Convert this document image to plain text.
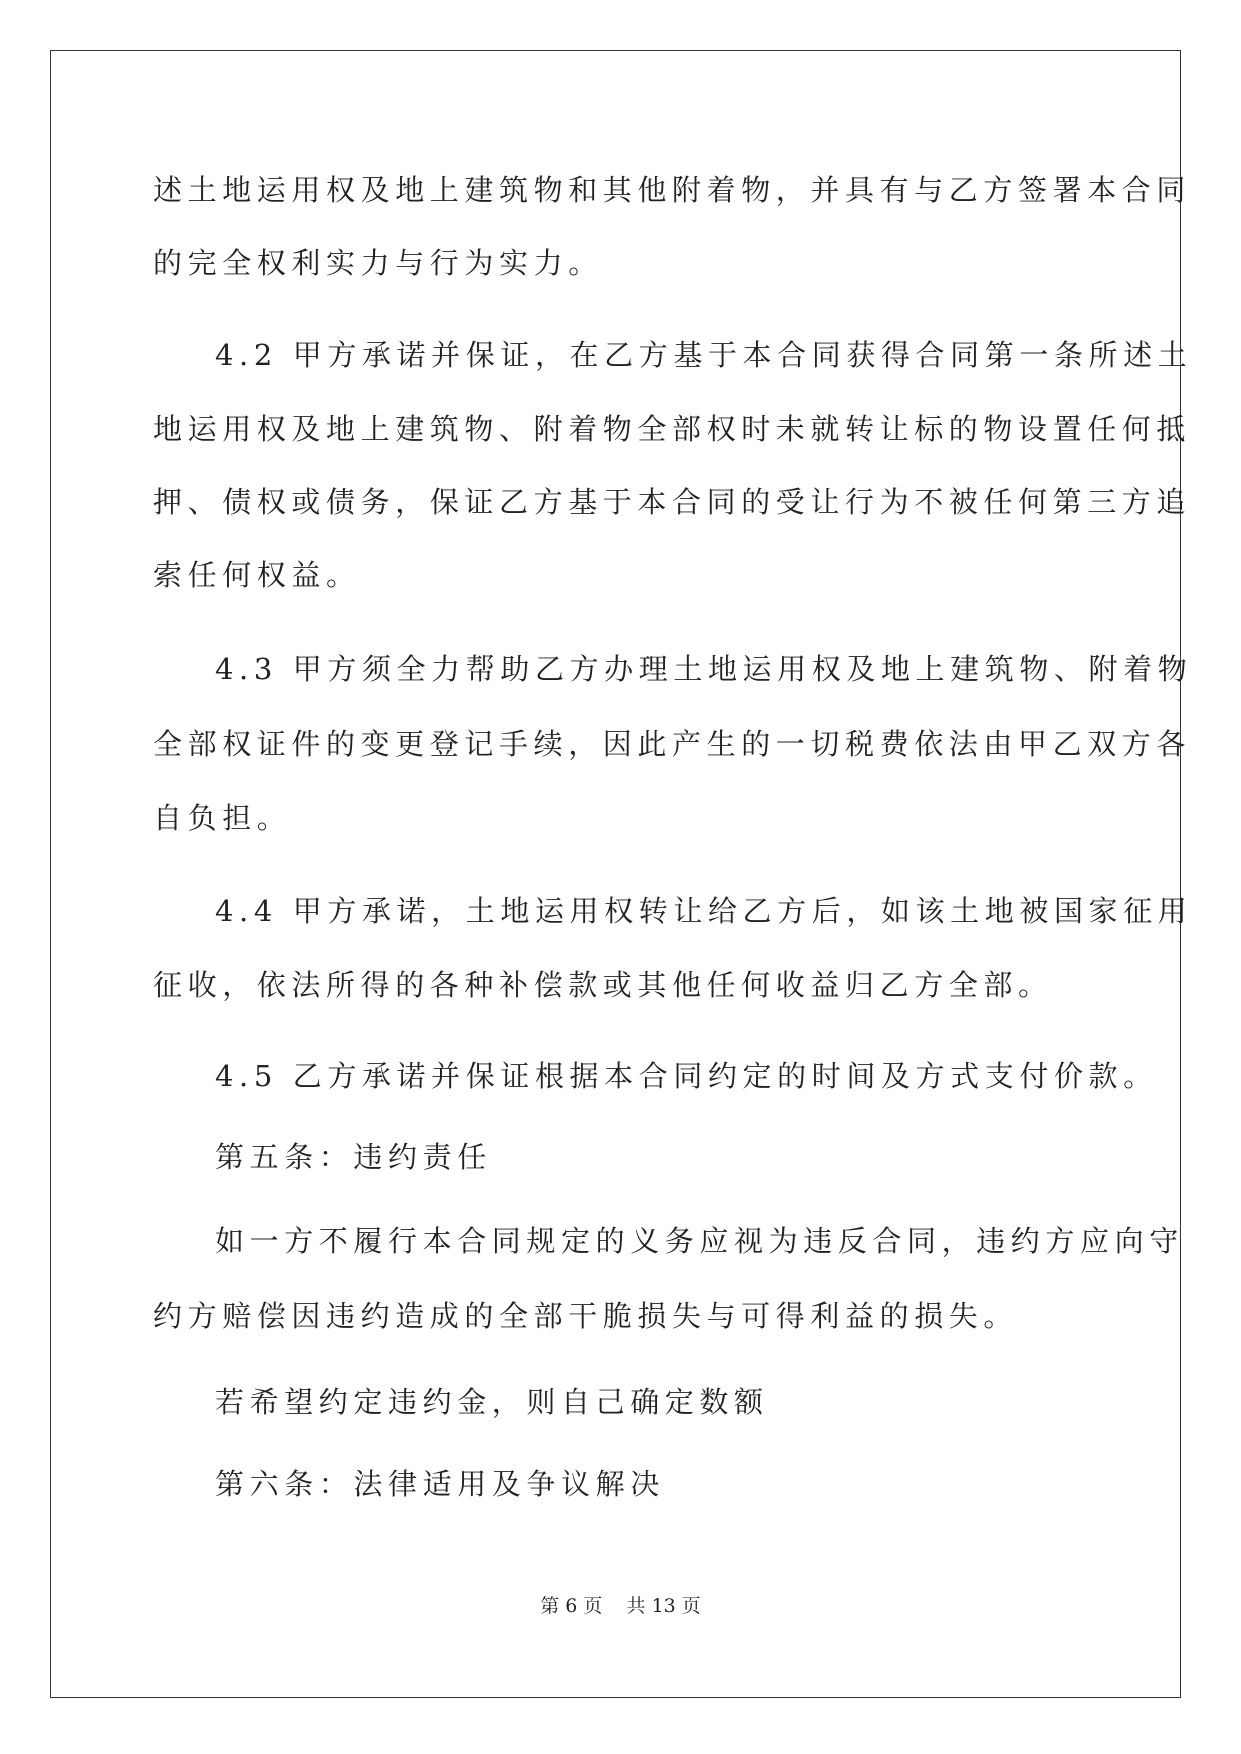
述土地运用权及地上建筑物和其他附着物，并具有与乙方签署本合同

的完全权利实力与行为实力。

4.2 甲方承诺并保证，在乙方基于本合同获得合同第一条所述土

地运用权及地上建筑物、附着物全部权时未就转让标的物设置任何抵

押、债权或债务，保证乙方基于本合同的受让行为不被任何第三方追

索任何权益。

4.3 甲方须全力帮助乙方办理土地运用权及地上建筑物、附着物

全部权证件的变更登记手续，因此产生的一切税费依法由甲乙双方各

自负担。

4.4 甲方承诺，土地运用权转让给乙方后，如该土地被国家征用

征收，依法所得的各种补偿款或其他任何收益归乙方全部。

4.5 乙方承诺并保证根据本合同约定的时间及方式支付价款。

第五条：违约责任

如一方不履行本合同规定的义务应视为违反合同，违约方应向守

约方赔偿因违约造成的全部干脆损失与可得利益的损失。

若希望约定违约金，则自己确定数额

第六条：法律适用及争议解决

第 6 页    共 13 页
